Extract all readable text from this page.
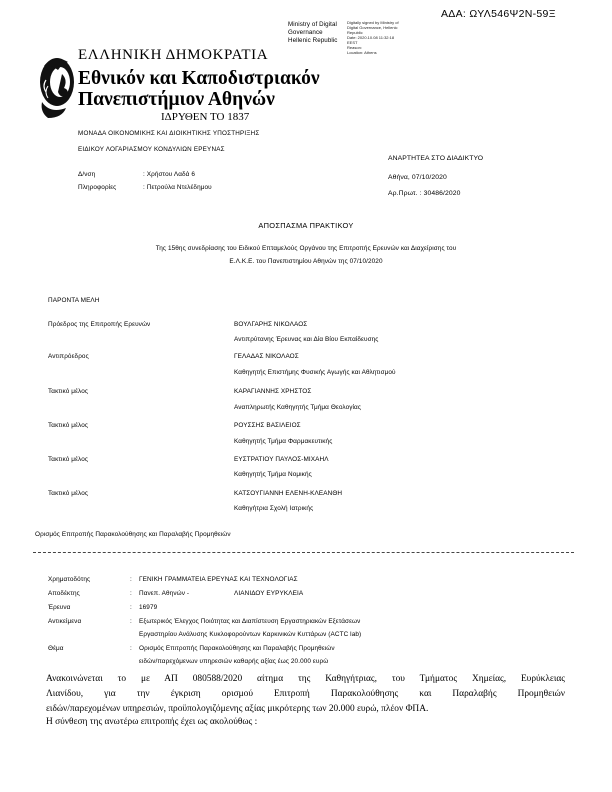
ΑΔΑ: ΩΥΛ546Ψ2Ν-59Ξ
Ministry of Digital
Governance
Hellenic Republic
Digitally signed by Ministry of
Digital Governance, Hellenic
Republic
Date: 2020.10.08 11:32:18
EEST
Reason:
Location: Athens
ΕΛΛΗΝΙΚΗ ΔΗΜΟΚΡΑΤΙΑ
Εθνικόν και Καποδιστριακόν
Πανεπιστήμιον Αθηνών
ΙΔΡΥΘΕΝ ΤΟ 1837
ΜΟΝΑΔΑ ΟΙΚΟΝΟΜΙΚΗΣ ΚΑΙ ΔΙΟΙΚΗΤΙΚΗΣ ΥΠΟΣΤΗΡΙΞΗΣ
ΕΙΔΙΚΟΥ ΛΟΓΑΡΙΑΣΜΟΥ ΚΟΝΔΥΛΙΩΝ ΕΡΕΥΝΑΣ
Δ/νση	: Χρήστου Λαδά 6
Πληροφορίες	: Πετρούλα Ντελέδημου
ΑΝΑΡΤΗΤΕΑ ΣΤΟ ΔΙΑΔΙΚΤΥΟ
Αθήνα, 07/10/2020
Αρ.Πρωτ. : 30486/2020
ΑΠΟΣΠΑΣΜΑ ΠΡΑΚΤΙΚΟΥ
Της 15θης συνεδρίασης του Ειδικού Επταμελούς Οργάνου της Επιτροπής Ερευνών και Διαχείρισης του
Ε.Λ.Κ.Ε. του Πανεπιστημίου Αθηνών της 07/10/2020
ΠΑΡΟΝΤΑ ΜΕΛΗ
Πρόεδρος της Επιτροπής Ερευνών	ΒΟΥΛΓΑΡΗΣ ΝΙΚΟΛΑΟΣ
Αντιπρύτανης Έρευνας και Δία Βίου Εκπαίδευσης
Αντιπρόεδρος	ΓΕΛΑΔΑΣ ΝΙΚΟΛΑΟΣ
Καθηγητής Επιστήμης Φυσικής Αγωγής και Αθλητισμού
Τακτικό μέλος	ΚΑΡΑΓΙΑΝΝΗΣ ΧΡΗΣΤΟΣ
Αναπληρωτής Καθηγητής Τμήμα Θεολογίας
Τακτικό μέλος	ΡΟΥΣΣΗΣ ΒΑΣΙΛΕΙΟΣ
Καθηγητής Τμήμα Φαρμακευτικής
Τακτικό μέλος	ΕΥΣΤΡΑΤΙΟΥ ΠΑΥΛΟΣ-ΜΙΧΑΗΛ
Καθηγητής Τμήμα Νομικής
Τακτικό μέλος	ΚΑΤΣΟΥΓΙΑΝΝΗ ΕΛΕΝΗ-ΚΛΕΑΝΘΗ
Καθηγήτρια Σχολή Ιατρικής
Ορισμός Επιτροπής Παρακολούθησης και Παραλαβής Προμηθειών
Χρηματοδότης	: ΓΕΝΙΚΗ ΓΡΑΜΜΑΤΕΙΑ ΕΡΕΥΝΑΣ ΚΑΙ ΤΕΧΝΟΛΟΓΙΑΣ
Αποδέκτης	: Πανεπ. Αθηνών -	ΛΙΑΝΙΔΟΥ ΕΥΡΥΚΛΕΙΑ
Έρευνα	: 16979
Αντικείμενα	: Εξωτερικός Έλεγχος Ποιότητας και Διαπίστευση Εργαστηριακών Εξετάσεων
Εργαστηρίου Ανάλυσης Κυκλοφορούντων Καρκινικών Κυττάρων (ACTC lab)
Θέμα	: Ορισμός Επιτροπής Παρακολούθησης και Παραλαβής Προμηθειών
ειδών/παρεχόμενων υπηρεσιών καθαρής αξίας έως 20.000 ευρώ
Ανακοινώνεται το με ΑΠ 080588/2020 αίτημα της Καθηγήτριας, του Τμήματος Χημείας, Ευρύκλειας
Λιανίδου, για την έγκριση ορισμού Επιτροπή Παρακολούθησης και Παραλαβής Προμηθειών
ειδών/παρεχομένων υπηρεσιών, προϋπολογιζόμενης αξίας μικρότερης των 20.000 ευρώ, πλέον ΦΠΑ.
Η σύνθεση της ανωτέρω επιτροπής έχει ως ακολούθως :
